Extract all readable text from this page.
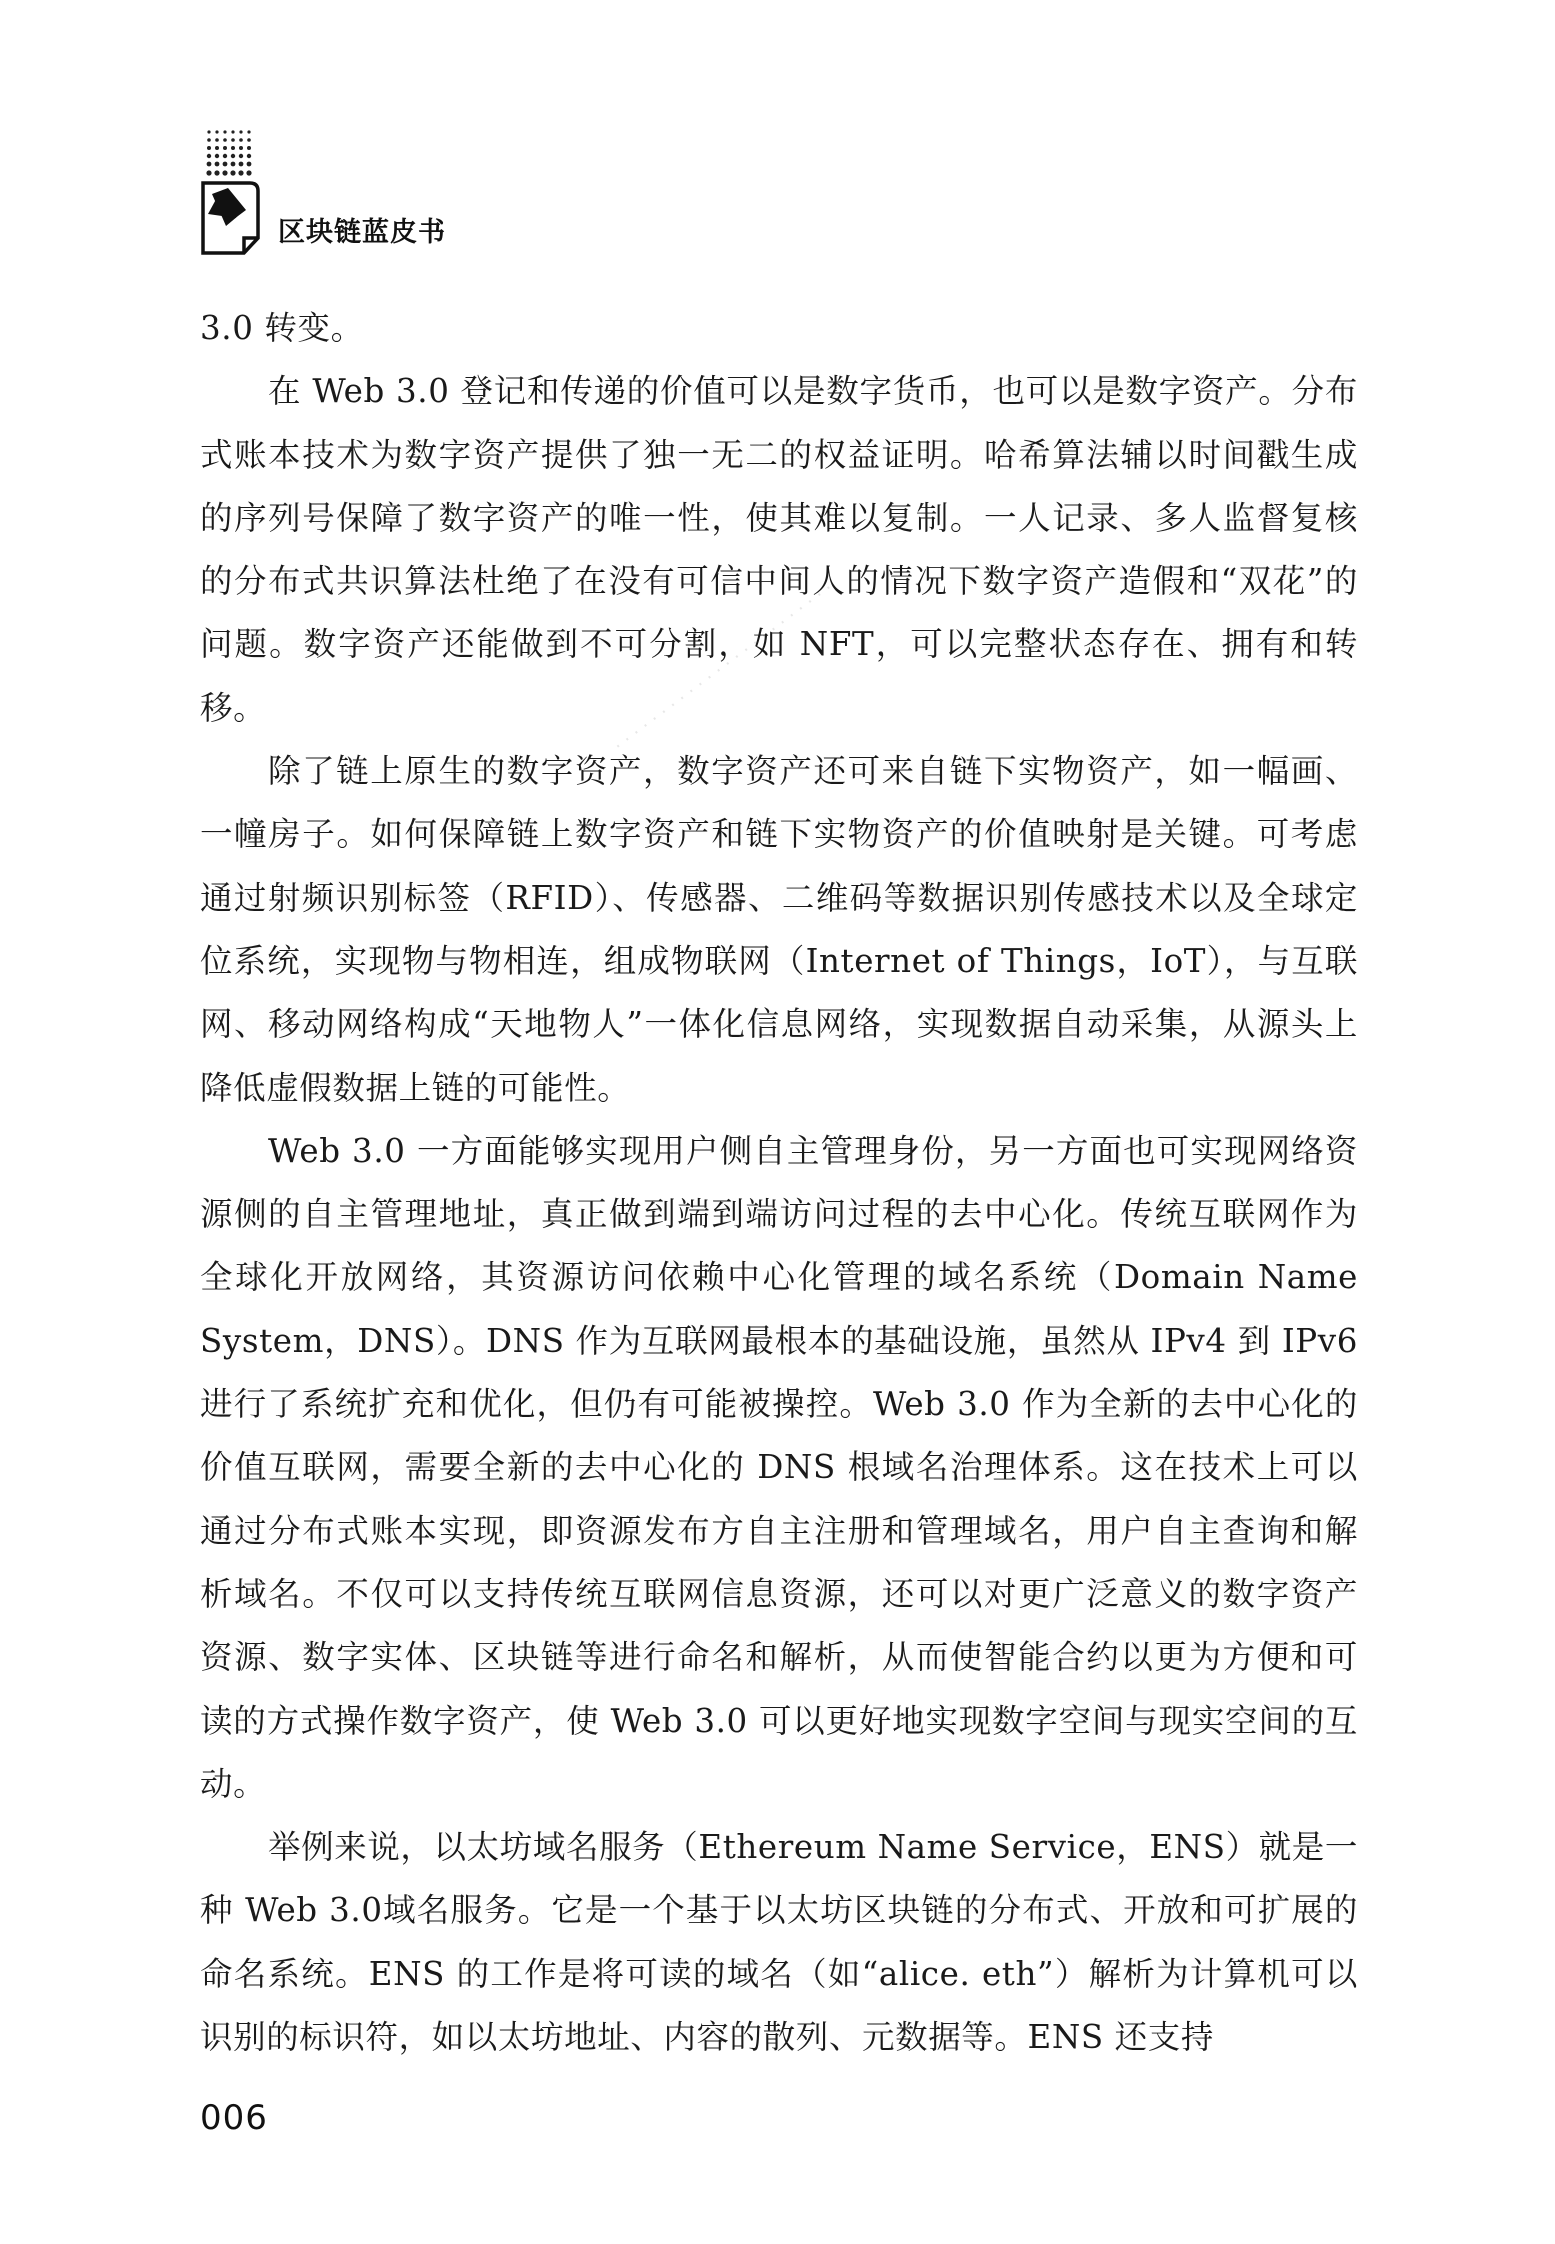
区块链蓝皮书
· · · · · · · · · · · · · · · · · · · · · · · ·

3.0 转变。

在 Web 3.0 登记和传递的价值可以是数字货币，也可以是数字资产。分布式账本技术为数字资产提供了独一无二的权益证明。哈希算法辅以时间戳生成的序列号保障了数字资产的唯一性，使其难以复制。一人记录、多人监督复核的分布式共识算法杜绝了在没有可信中间人的情况下数字资产造假和“双花”的问题。数字资产还能做到不可分割，如 NFT，可以完整状态存在、拥有和转移。

除了链上原生的数字资产，数字资产还可来自链下实物资产，如一幅画、一幢房子。如何保障链上数字资产和链下实物资产的价值映射是关键。可考虑通过射频识别标签（RFID）、传感器、二维码等数据识别传感技术以及全球定位系统，实现物与物相连，组成物联网（Internet of Things，IoT），与互联网、移动网络构成“天地物人”一体化信息网络，实现数据自动采集，从源头上降低虚假数据上链的可能性。

Web 3.0 一方面能够实现用户侧自主管理身份，另一方面也可实现网络资源侧的自主管理地址，真正做到端到端访问过程的去中心化。传统互联网作为全球化开放网络，其资源访问依赖中心化管理的域名系统（Domain Name System，DNS）。DNS 作为互联网最根本的基础设施，虽然从 IPv4 到 IPv6 进行了系统扩充和优化，但仍有可能被操控。Web 3.0 作为全新的去中心化的价值互联网，需要全新的去中心化的 DNS 根域名治理体系。这在技术上可以通过分布式账本实现，即资源发布方自主注册和管理域名，用户自主查询和解析域名。不仅可以支持传统互联网信息资源，还可以对更广泛意义的数字资产资源、数字实体、区块链等进行命名和解析，从而使智能合约以更为方便和可读的方式操作数字资产，使 Web 3.0 可以更好地实现数字空间与现实空间的互动。

举例来说，以太坊域名服务（Ethereum Name Service，ENS）就是一种 Web 3.0域名服务。它是一个基于以太坊区块链的分布式、开放和可扩展的命名系统。ENS 的工作是将可读的域名（如“alice. eth”）解析为计算机可以识别的标识符，如以太坊地址、内容的散列、元数据等。ENS 还支持

006
